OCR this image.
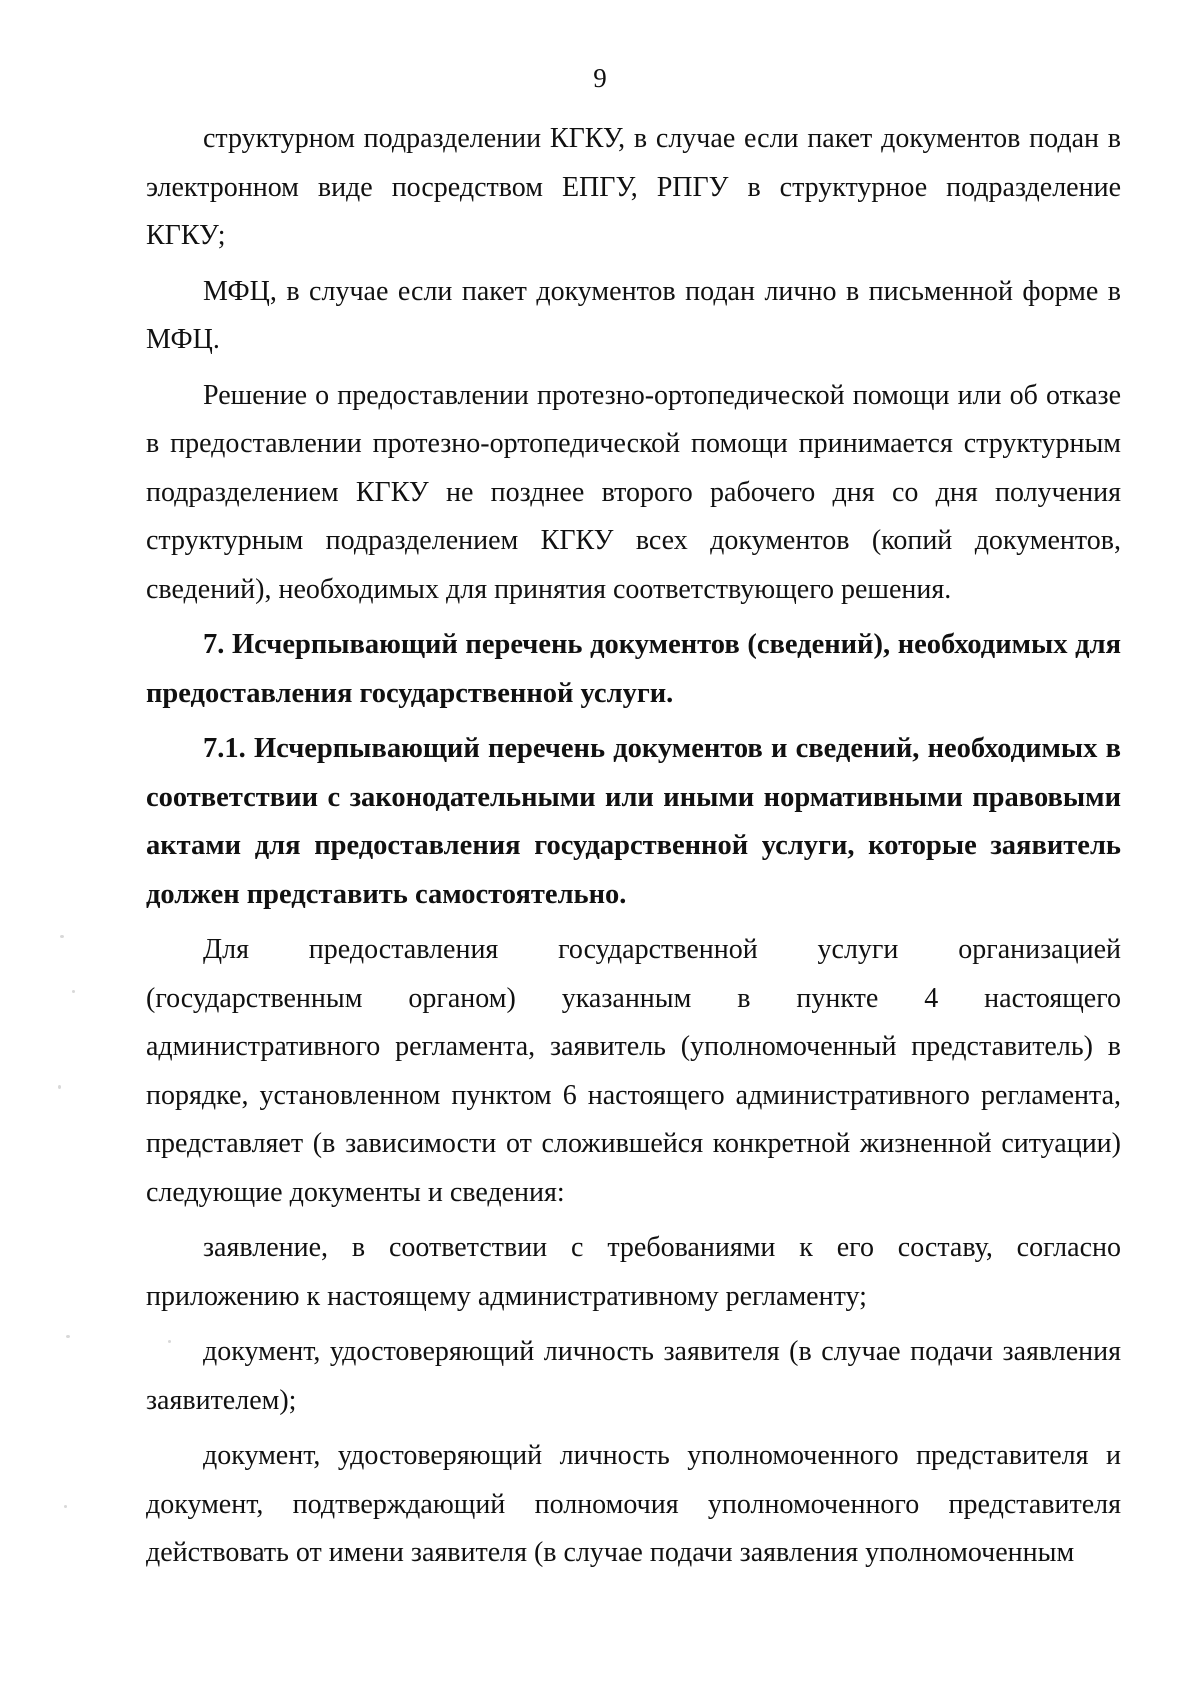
9

структурном подразделении КГКУ, в случае если пакет документов подан в электронном виде посредством ЕПГУ, РПГУ в структурное подразделение КГКУ;

МФЦ, в случае если пакет документов подан лично в письменной форме в МФЦ.

Решение о предоставлении протезно-ортопедической помощи или об отказе в предоставлении протезно-ортопедической помощи принимается структурным подразделением КГКУ не позднее второго рабочего дня со дня получения структурным подразделением КГКУ всех документов (копий документов, сведений), необходимых для принятия соответствующего решения.

7. Исчерпывающий перечень документов (сведений), необходимых для предоставления государственной услуги.

7.1. Исчерпывающий перечень документов и сведений, необходимых в соответствии с законодательными или иными нормативными правовыми актами для предоставления государственной услуги, которые заявитель должен представить самостоятельно.

Для предоставления государственной услуги организацией (государственным органом) указанным в пункте 4 настоящего административного регламента, заявитель (уполномоченный представитель) в порядке, установленном пунктом 6 настоящего административного регламента, представляет (в зависимости от сложившейся конкретной жизненной ситуации) следующие документы и сведения:

заявление, в соответствии с требованиями к его составу, согласно приложению к настоящему административному регламенту;

документ, удостоверяющий личность заявителя (в случае подачи заявления заявителем);

документ, удостоверяющий личность уполномоченного представителя и документ, подтверждающий полномочия уполномоченного представителя действовать от имени заявителя (в случае подачи заявления уполномоченным
